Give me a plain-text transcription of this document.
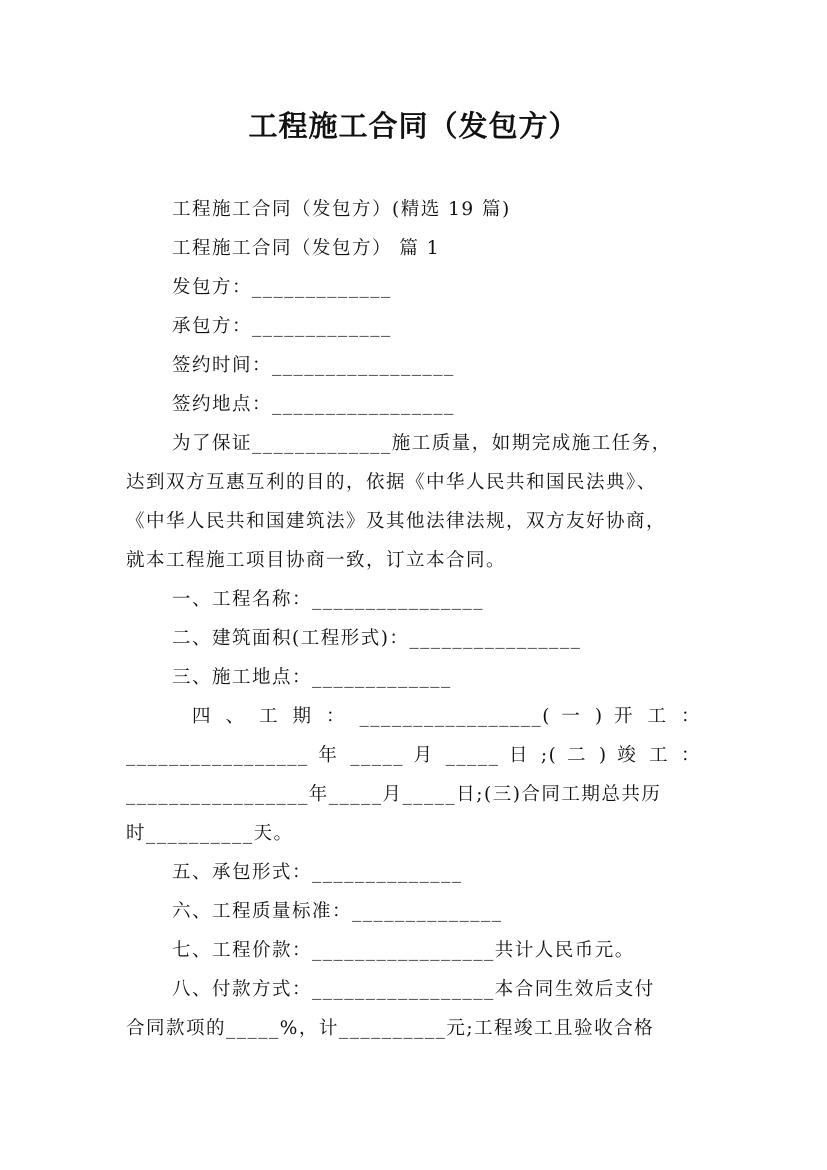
工程施工合同（发包方）
工程施工合同（发包方）(精选 19 篇)
工程施工合同（发包方） 篇 1
发包方：_____________
承包方：_____________
签约时间：_________________
签约地点：_________________
为了保证_____________施工质量，如期完成施工任务，
达到双方互惠互利的目的，依据《中华人民共和国民法典》、
《中华人民共和国建筑法》及其他法律法规，双方友好协商，
就本工程施工项目协商一致，订立本合同。
一、工程名称：________________
二、建筑面积(工程形式)：________________
三、施工地点：_____________
四 、 工 期 ： _________________( 一 ) 开 工 ：
_________________ 年 _____ 月 _____ 日 ;( 二 ) 竣 工 ：
_________________年_____月_____日;(三)合同工期总共历
时__________天。
五、承包形式：______________
六、工程质量标准：______________
七、工程价款：_________________共计人民币元。
八、付款方式：_________________本合同生效后支付
合同款项的_____%，计__________元;工程竣工且验收合格
